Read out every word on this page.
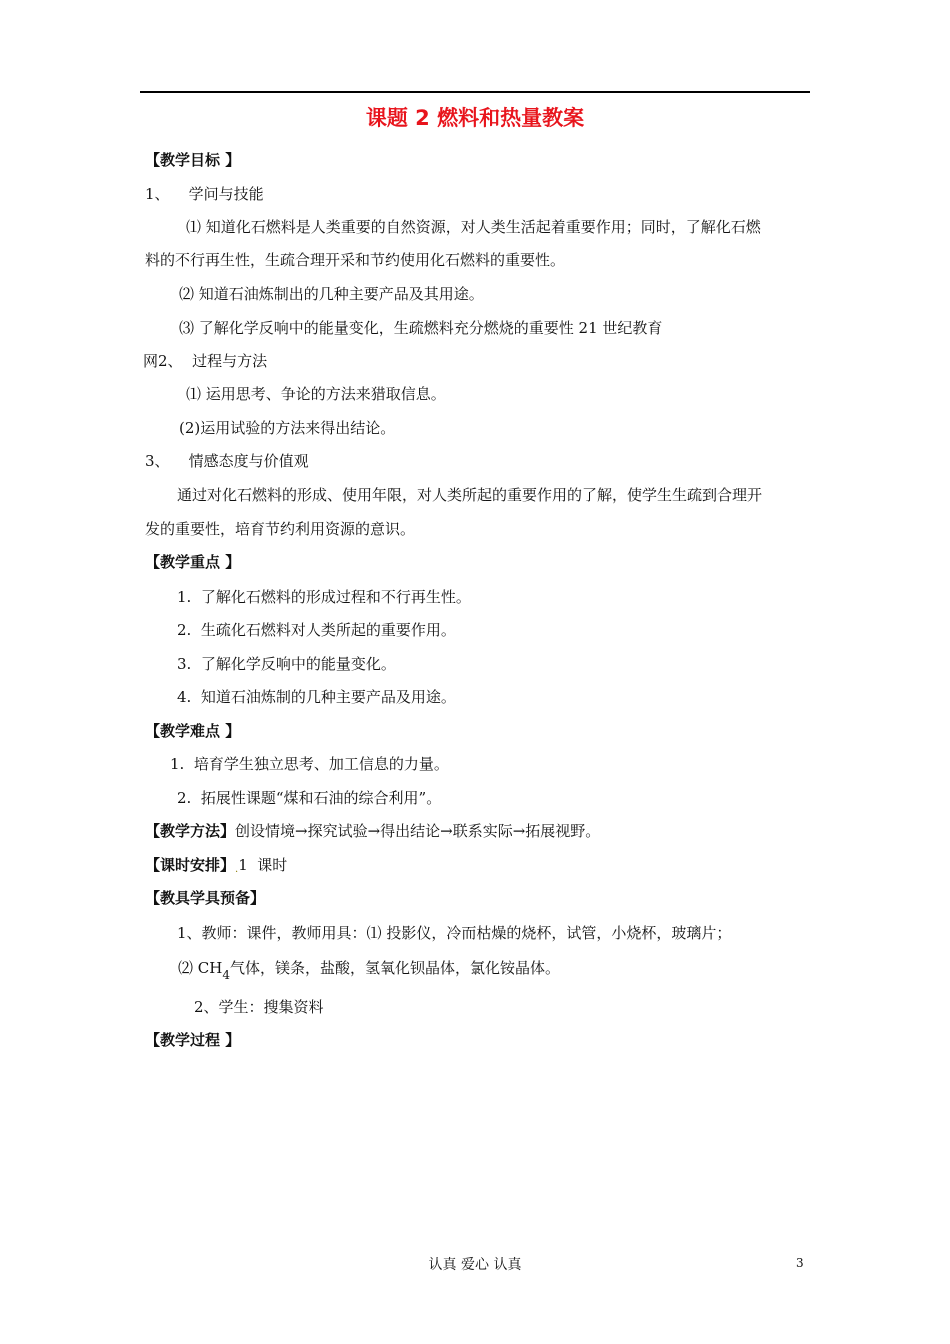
课题 2 燃料和热量教案
【教学目标 】
1、 学问与技能
⑴ 知道化石燃料是人类重要的自然资源，对人类生活起着重要作用；同时，了解化石燃
料的不行再生性，生疏合理开采和节约使用化石燃料的重要性。
⑵ 知道石油炼制出的几种主要产品及其用途。
⑶ 了解化学反响中的能量变化，生疏燃料充分燃烧的重要性 21 世纪教育
网2、 过程与方法
⑴ 运用思考、争论的方法来猎取信息。
(2)运用试验的方法来得出结论。
3、 情感态度与价值观
通过对化石燃料的形成、使用年限，对人类所起的重要作用的了解，使学生生疏到合理开
发的重要性，培育节约利用资源的意识。
【教学重点 】
1. 了解化石燃料的形成过程和不行再生性。
2. 生疏化石燃料对人类所起的重要作用。
3. 了解化学反响中的能量变化。
4. 知道石油炼制的几种主要产品及用途。
【教学难点 】
1. 培育学生独立思考、加工信息的力量。
2. 拓展性课题“煤和石油的综合利用”。
【教学方法】创设情境→探究试验→得出结论→联系实际→拓展视野。
【课时安排】.1 课时
【教具学具预备】
1、教师：课件，教师用具：⑴ 投影仪，冷而枯燥的烧杯，试管，小烧杯，玻璃片；
⑵ $CH_4$气体，镁条，盐酸，氢氧化钡晶体，氯化铵晶体。
2、学生：搜集资料
【教学过程 】
认真 爱心 认真	3
